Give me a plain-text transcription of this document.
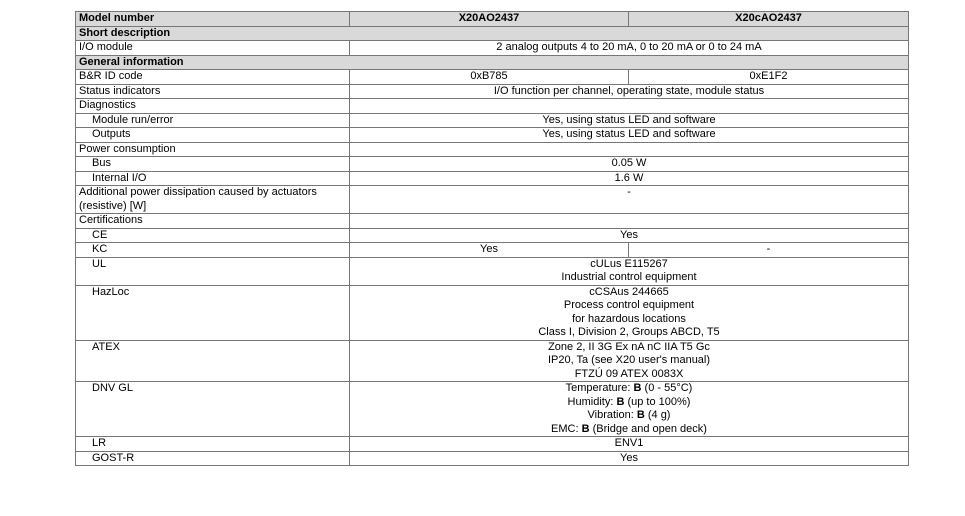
Model number	X20AO2437	X20cAO2437
Short description		
I/O module	2 analog outputs 4 to 20 mA, 0 to 20 mA or 0 to 24 mA	
General information		
B&R ID code	0xB785	0xE1F2
Status indicators	I/O function per channel, operating state, module status	
Diagnostics		
Module run/error	Yes, using status LED and software	
Outputs	Yes, using status LED and software	
Power consumption		
Bus	0.05 W	
Internal I/O	1.6 W	

Additional power dissipation caused by actuators
(resistive) [W]	-	
Certifications		
CE	Yes	
KC	Yes	-
UL	cULus E115267
Industrial control equipment	

HazLoc	cCSAus 244665
Process control equipment
for hazardous locations
Class I, Division 2, Groups ABCD, T5	

ATEX	Zone 2, II 3G Ex nA nC IIA T5 Gc
IP20, Ta (see X20 user's manual)
FTZÚ 09 ATEX 0083X	

DNV GL	Temperature: B (0 - 55°C)
Humidity: B (up to 100%)
Vibration: B (4 g)
EMC: B (Bridge and open deck)	

LR	ENV1	
GOST-R	Yes	
